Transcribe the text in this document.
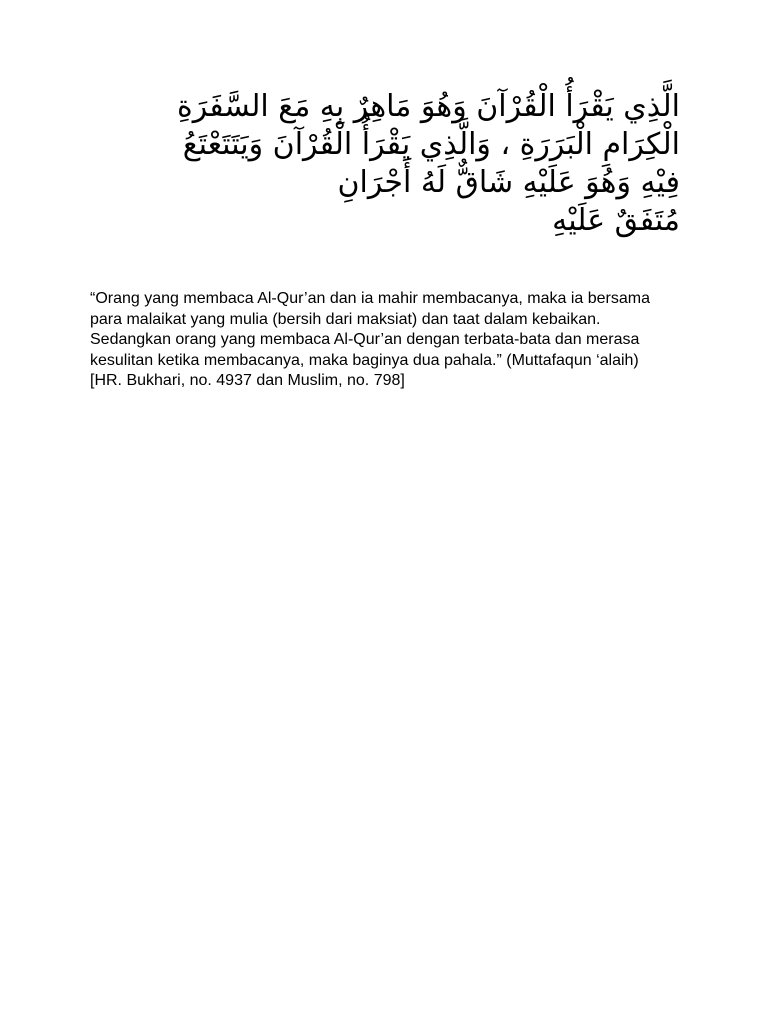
الَّذِي يَقْرَأُ الْقُرْآنَ وَهُوَ مَاهِرٌ بِهِ مَعَ السَّفَرَةِ
الْكِرَامِ الْبَرَرَةِ ، وَالَّذِي يَقْرَأُ الْقُرْآنَ وَيَتَتَعْتَعُ
فِيْهِ وَهُوَ عَلَيْهِ شَاقٌّ لَهُ أَجْرَانِ
مُتَفَقٌ عَلَيْهِ
“Orang yang membaca Al-Qur’an dan ia mahir membacanya, maka ia bersama
para malaikat yang mulia (bersih dari maksiat) dan taat dalam kebaikan.
Sedangkan orang yang membaca Al-Qur’an dengan terbata-bata dan merasa
kesulitan ketika membacanya, maka baginya dua pahala.” (Muttafaqun ‘alaih)
[HR. Bukhari, no. 4937 dan Muslim, no. 798]
